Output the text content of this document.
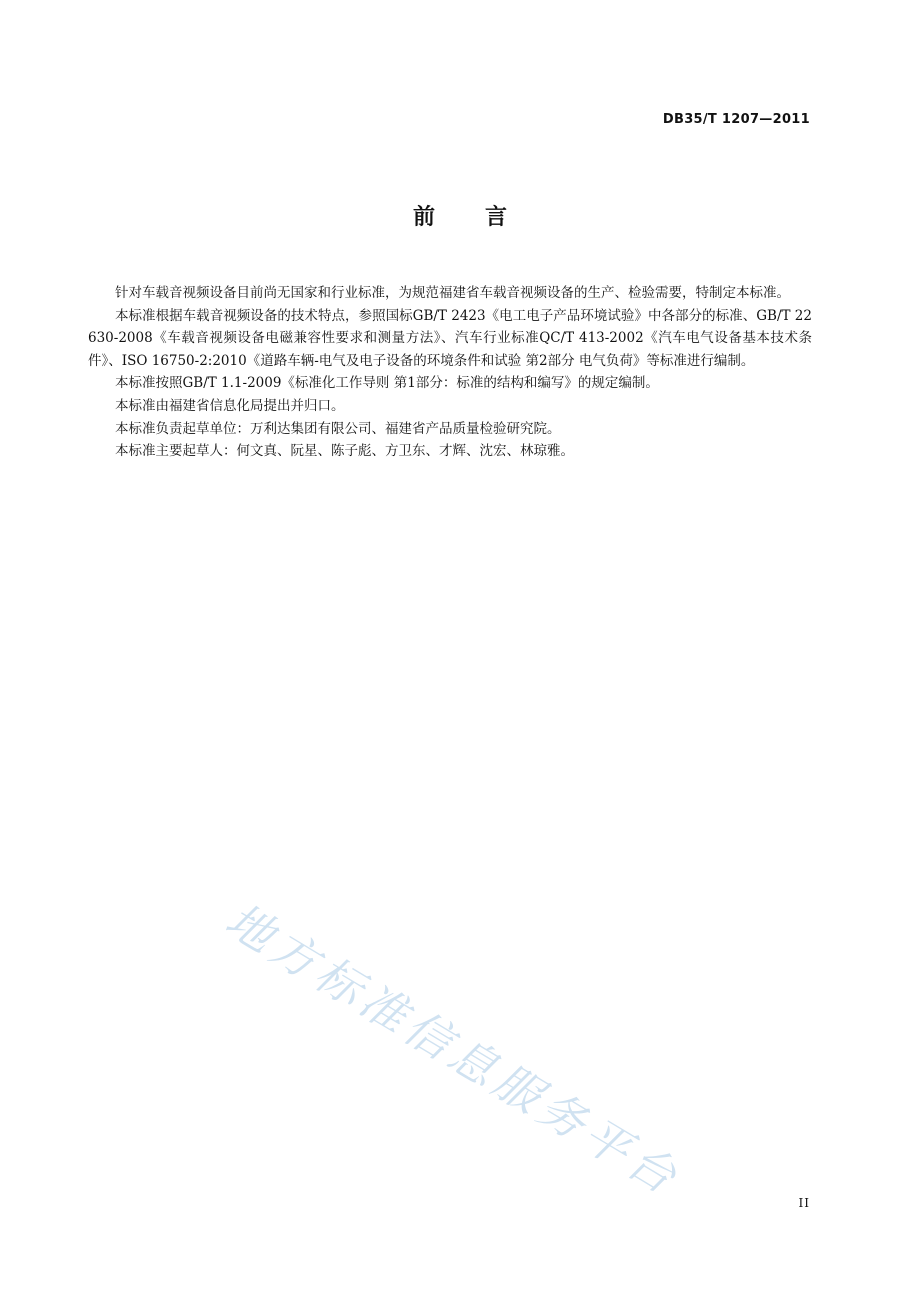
DB35/T 1207—2011
前 言

针对车载音视频设备目前尚无国家和行业标准，为规范福建省车载音视频设备的生产、检验需要，特制定本标准。

本标准根据车载音视频设备的技术特点，参照国标GB/T 2423《电工电子产品环境试验》中各部分的标准、GB/T 22630-2008《车载音视频设备电磁兼容性要求和测量方法》、汽车行业标准QC/T 413-2002《汽车电气设备基本技术条件》、ISO 16750-2:2010《道路车辆-电气及电子设备的环境条件和试验 第2部分 电气负荷》等标准进行编制。

本标准按照GB/T 1.1-2009《标准化工作导则 第1部分：标准的结构和编写》的规定编制。

本标准由福建省信息化局提出并归口。

本标准负责起草单位：万利达集团有限公司、福建省产品质量检验研究院。

本标准主要起草人：何文真、阮星、陈子彪、方卫东、才辉、沈宏、林琼雅。

地方标准信息服务平台	II
